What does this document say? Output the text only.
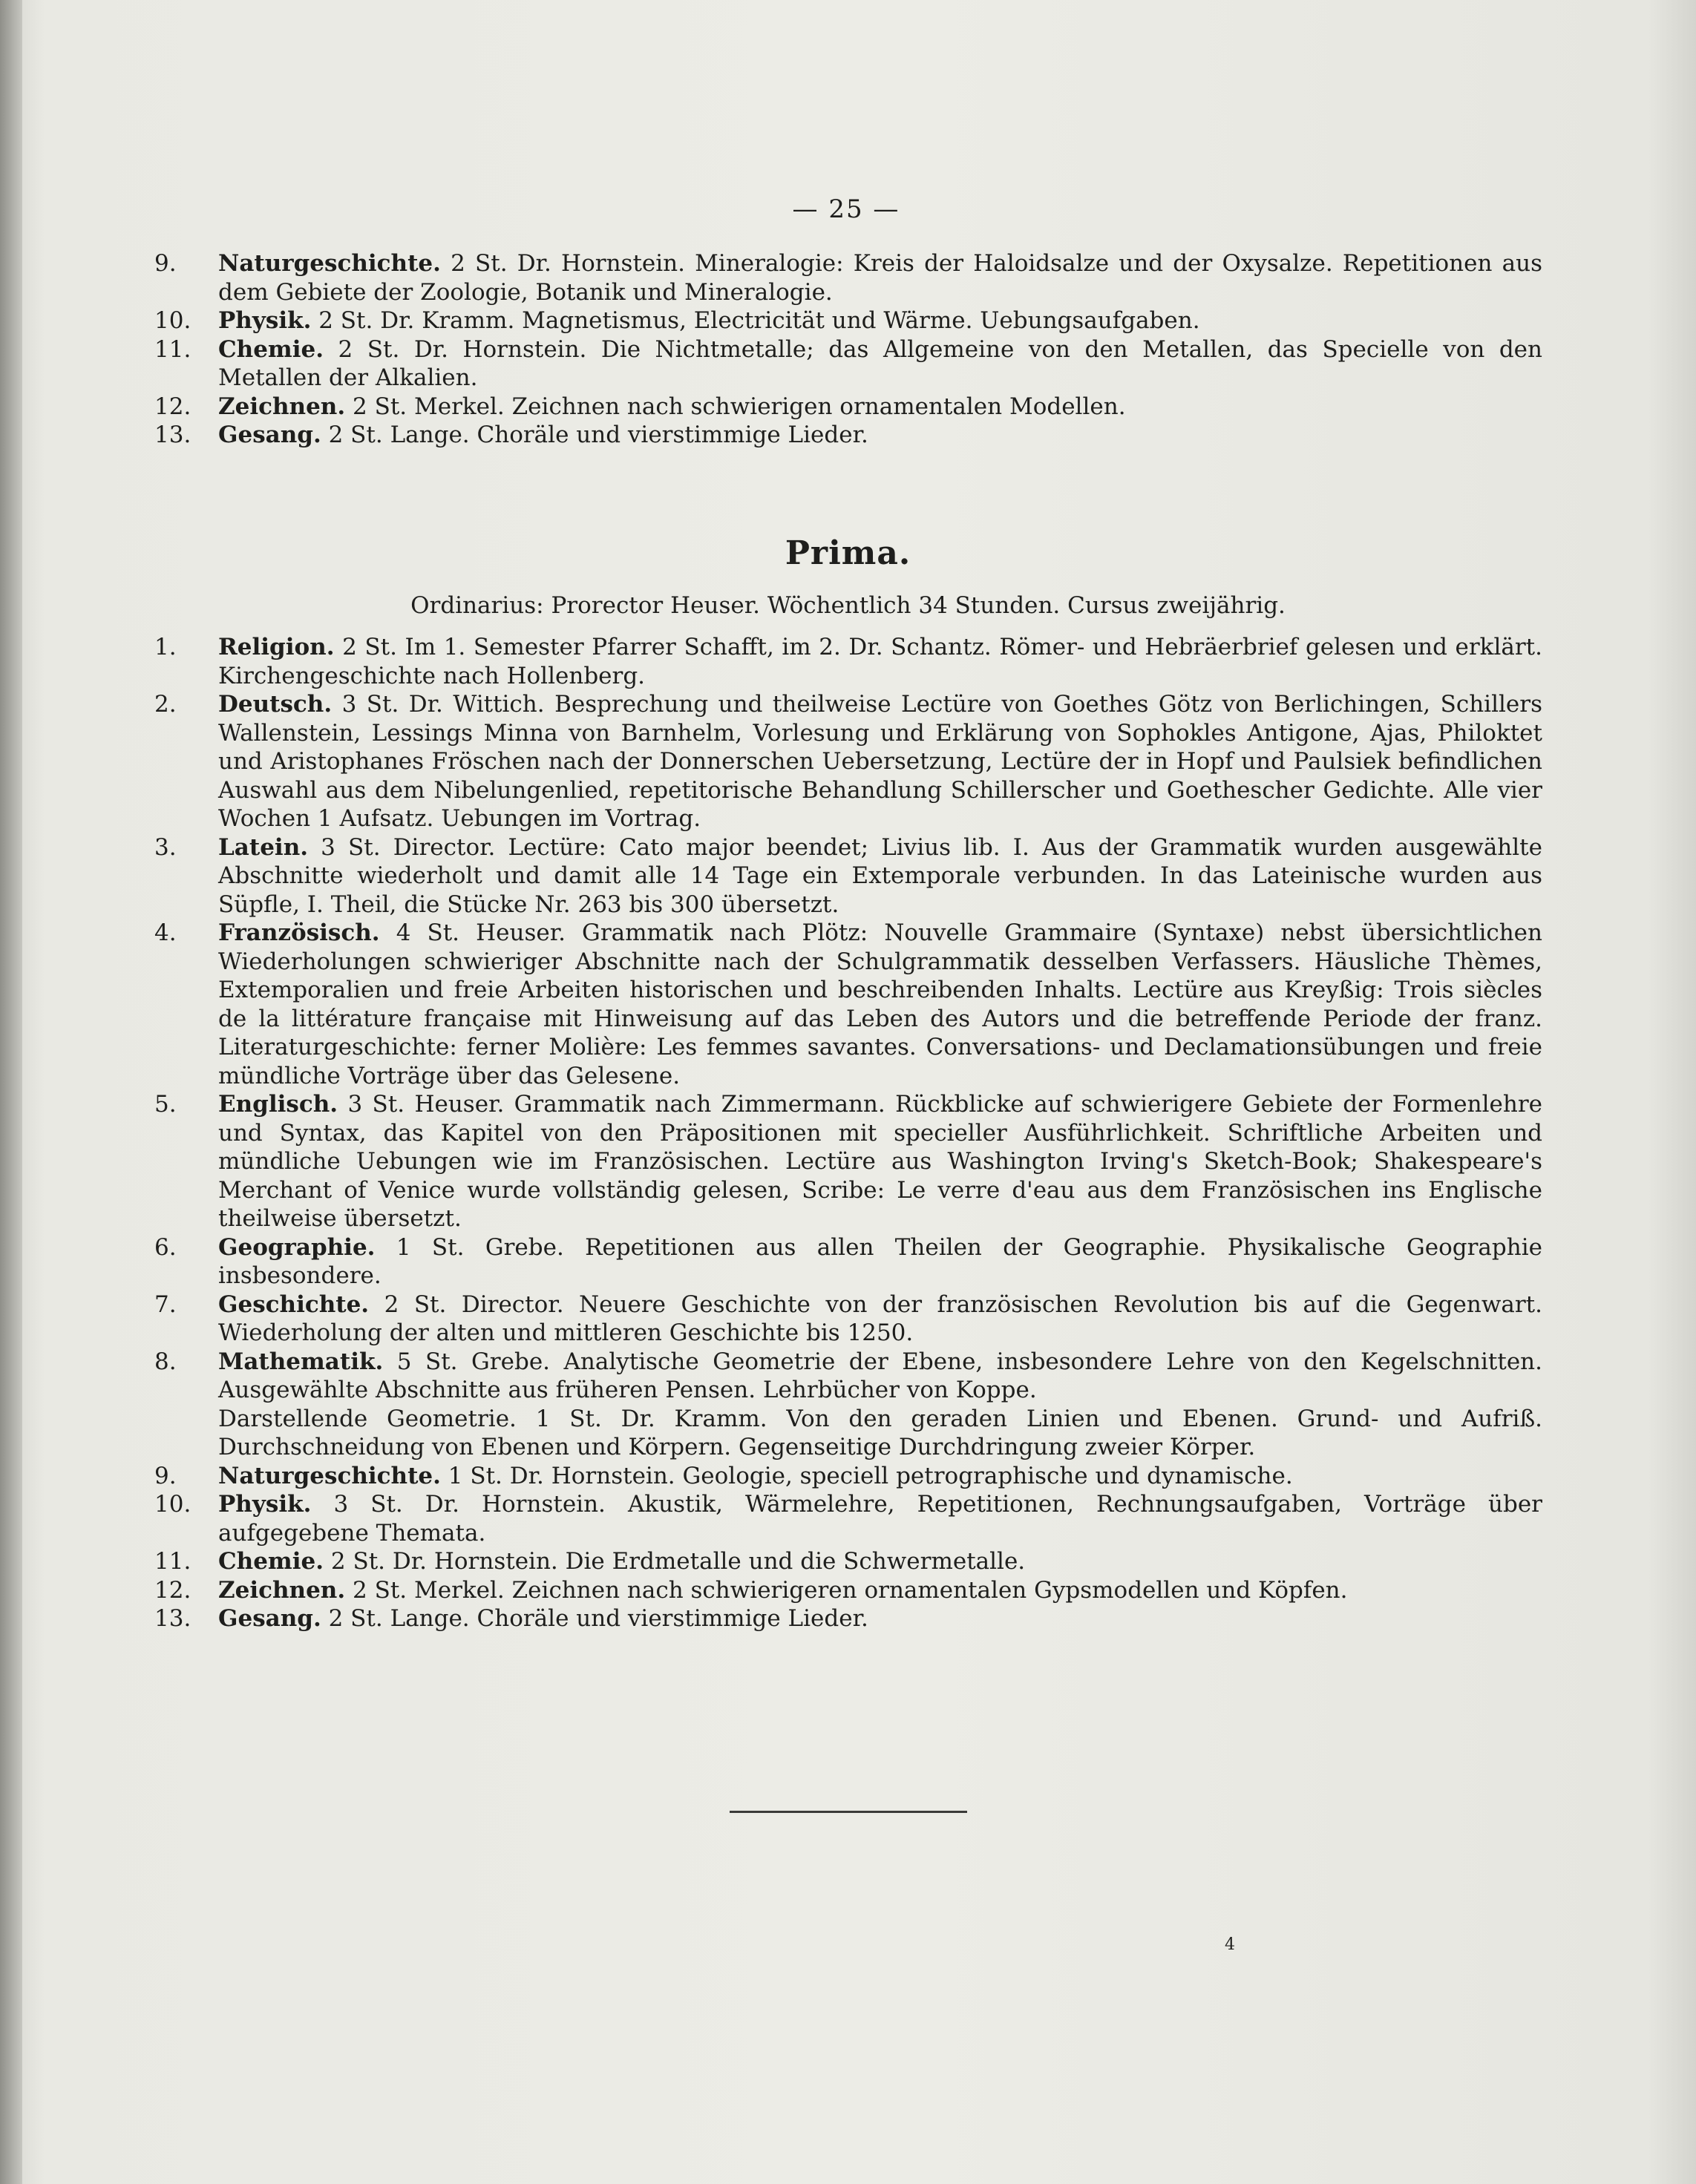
— 25 —

9.	Naturgeschichte. 2 St. Dr. Hornstein. Mineralogie: Kreis der Haloidsalze und der Oxysalze. Repetitionen aus dem Gebiete der Zoologie, Botanik und Mineralogie.

10.	Physik. 2 St. Dr. Kramm. Magnetismus, Electricität und Wärme. Uebungsaufgaben.

11.	Chemie. 2 St. Dr. Hornstein. Die Nichtmetalle; das Allgemeine von den Metallen, das Specielle von den Metallen der Alkalien.

12.	Zeichnen. 2 St. Merkel. Zeichnen nach schwierigen ornamentalen Modellen.

13.	Gesang. 2 St. Lange. Choräle und vierstimmige Lieder.

Prima.
Ordinarius: Prorector Heuser. Wöchentlich 34 Stunden. Cursus zweijährig.

1.	Religion. 2 St. Im 1. Semester Pfarrer Schafft, im 2. Dr. Schantz. Römer- und Hebräerbrief gelesen und erklärt. Kirchengeschichte nach Hollenberg.

2.	Deutsch. 3 St. Dr. Wittich. Besprechung und theilweise Lectüre von Goethes Götz von Berlichingen, Schillers Wallenstein, Lessings Minna von Barnhelm, Vorlesung und Erklärung von Sophokles Antigone, Ajas, Philoktet und Aristophanes Fröschen nach der Donnerschen Uebersetzung, Lectüre der in Hopf und Paulsiek befindlichen Auswahl aus dem Nibelungenlied, repetitorische Behandlung Schillerscher und Goethescher Gedichte. Alle vier Wochen 1 Aufsatz. Uebungen im Vortrag.

3.	Latein. 3 St. Director. Lectüre: Cato major beendet; Livius lib. I. Aus der Grammatik wurden ausgewählte Abschnitte wiederholt und damit alle 14 Tage ein Extemporale verbunden. In das Lateinische wurden aus Süpfle, I. Theil, die Stücke Nr. 263 bis 300 übersetzt.

4.	Französisch. 4 St. Heuser. Grammatik nach Plötz: Nouvelle Grammaire (Syntaxe) nebst übersichtlichen Wiederholungen schwieriger Abschnitte nach der Schulgrammatik desselben Verfassers. Häusliche Thèmes, Extemporalien und freie Arbeiten historischen und beschreibenden Inhalts. Lectüre aus Kreyßig: Trois siècles de la littérature française mit Hinweisung auf das Leben des Autors und die betreffende Periode der franz. Literaturgeschichte: ferner Molière: Les femmes savantes. Conversations- und Declamationsübungen und freie mündliche Vorträge über das Gelesene.

5.	Englisch. 3 St. Heuser. Grammatik nach Zimmermann. Rückblicke auf schwierigere Gebiete der Formenlehre und Syntax, das Kapitel von den Präpositionen mit specieller Ausführlichkeit. Schriftliche Arbeiten und mündliche Uebungen wie im Französischen. Lectüre aus Washington Irving's Sketch-Book; Shakespeare's Merchant of Venice wurde vollständig gelesen, Scribe: Le verre d'eau aus dem Französischen ins Englische theilweise übersetzt.

6.	Geographie. 1 St. Grebe. Repetitionen aus allen Theilen der Geographie. Physikalische Geographie insbesondere.

7.	Geschichte. 2 St. Director. Neuere Geschichte von der französischen Revolution bis auf die Gegenwart. Wiederholung der alten und mittleren Geschichte bis 1250.

8.	Mathematik. 5 St. Grebe. Analytische Geometrie der Ebene, insbesondere Lehre von den Kegelschnitten. Ausgewählte Abschnitte aus früheren Pensen. Lehrbücher von Koppe.

Darstellende Geometrie. 1 St. Dr. Kramm. Von den geraden Linien und Ebenen. Grund- und Aufriß. Durchschneidung von Ebenen und Körpern. Gegenseitige Durchdringung zweier Körper.

9.	Naturgeschichte. 1 St. Dr. Hornstein. Geologie, speciell petrographische und dynamische.

10.	Physik. 3 St. Dr. Hornstein. Akustik, Wärmelehre, Repetitionen, Rechnungsaufgaben, Vorträge über aufgegebene Themata.

11.	Chemie. 2 St. Dr. Hornstein. Die Erdmetalle und die Schwermetalle.

12.	Zeichnen. 2 St. Merkel. Zeichnen nach schwierigeren ornamentalen Gypsmodellen und Köpfen.

13.	Gesang. 2 St. Lange. Choräle und vierstimmige Lieder.

4
